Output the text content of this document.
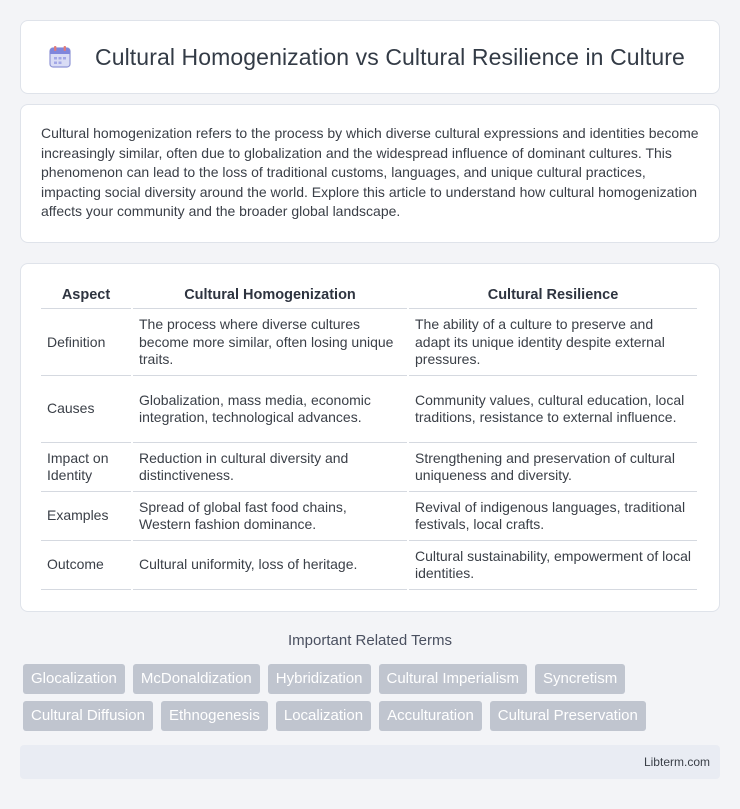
Cultural Homogenization vs Cultural Resilience in Culture

Cultural homogenization refers to the process by which diverse cultural expressions and identities become increasingly similar, often due to globalization and the widespread influence of dominant cultures. This phenomenon can lead to the loss of traditional customs, languages, and unique cultural practices, impacting social diversity around the world. Explore this article to understand how cultural homogenization affects your community and the broader global landscape.

Aspect	Cultural Homogenization	Cultural Resilience
Definition	The process where diverse cultures become more similar, often losing unique traits.	The ability of a culture to preserve and adapt its unique identity despite external pressures.
Causes	Globalization, mass media, economic integration, technological advances.	Community values, cultural education, local traditions, resistance to external influence.
Impact on Identity	Reduction in cultural diversity and distinctiveness.	Strengthening and preservation of cultural uniqueness and diversity.
Examples	Spread of global fast food chains, Western fashion dominance.	Revival of indigenous languages, traditional festivals, local crafts.
Outcome	Cultural uniformity, loss of heritage.	Cultural sustainability, empowerment of local identities.
Important Related Terms
Glocalization	McDonaldization	Hybridization	Cultural Imperialism	Syncretism
Cultural Diffusion	Ethnogenesis	Localization	Acculturation	Cultural Preservation
Libterm.com
